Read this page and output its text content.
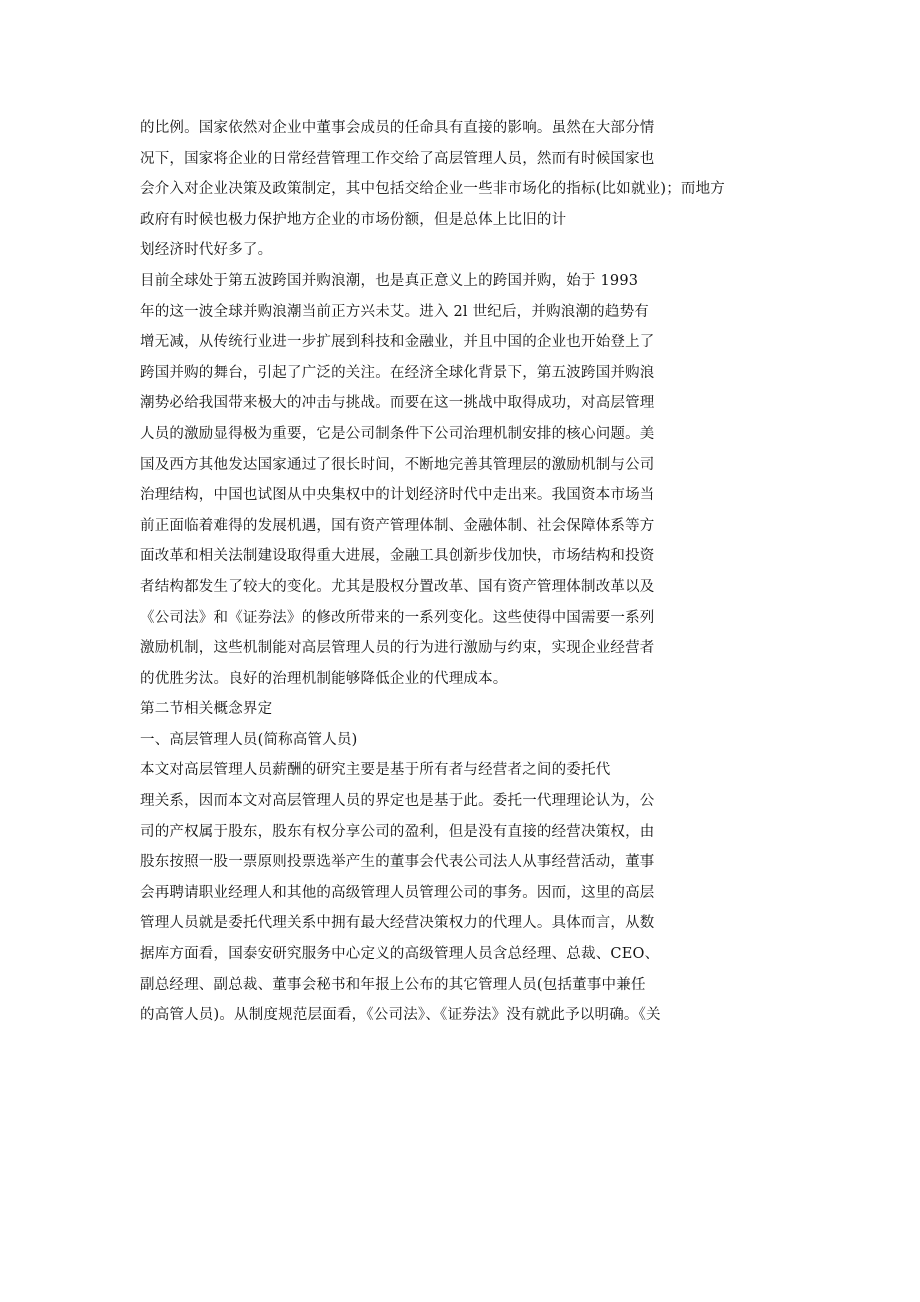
的比例。国家依然对企业中董事会成员的任命具有直接的影响。虽然在大部分情
况下，国家将企业的日常经营管理工作交给了高层管理人员，然而有时候国家也
会介入对企业决策及政策制定，其中包括交给企业一些非市场化的指标(比如就业)；而地方
政府有时候也极力保护地方企业的市场份额，但是总体上比旧的计
划经济时代好多了。
目前全球处于第五波跨国并购浪潮，也是真正意义上的跨国并购，始于 1993
年的这一波全球并购浪潮当前正方兴未艾。进入 2l 世纪后，并购浪潮的趋势有
增无减，从传统行业进一步扩展到科技和金融业，并且中国的企业也开始登上了
跨国并购的舞台，引起了广泛的关注。在经济全球化背景下，第五波跨国并购浪
潮势必给我国带来极大的冲击与挑战。而要在这一挑战中取得成功，对高层管理
人员的激励显得极为重要，它是公司制条件下公司治理机制安排的核心问题。美
国及西方其他发达国家通过了很长时间，不断地完善其管理层的激励机制与公司
治理结构，中国也试图从中央集权中的计划经济时代中走出来。我国资本市场当
前正面临着难得的发展机遇，国有资产管理体制、金融体制、社会保障体系等方
面改革和相关法制建设取得重大进展，金融工具创新步伐加快，市场结构和投资
者结构都发生了较大的变化。尤其是股权分置改革、国有资产管理体制改革以及
《公司法》和《证券法》的修改所带来的一系列变化。这些使得中国需要一系列
激励机制，这些机制能对高层管理人员的行为进行激励与约束，实现企业经营者
的优胜劣汰。良好的治理机制能够降低企业的代理成本。
第二节相关概念界定
一、高层管理人员(简称高管人员)
本文对高层管理人员薪酬的研究主要是基于所有者与经营者之间的委托代
理关系，因而本文对高层管理人员的界定也是基于此。委托一代理理论认为，公
司的产权属于股东，股东有权分享公司的盈利，但是没有直接的经营决策权，由
股东按照一股一票原则投票选举产生的董事会代表公司法人从事经营活动，董事
会再聘请职业经理人和其他的高级管理人员管理公司的事务。因而，这里的高层
管理人员就是委托代理关系中拥有最大经营决策权力的代理人。具体而言，从数
据库方面看，国泰安研究服务中心定义的高级管理人员含总经理、总裁、CEO、
副总经理、副总裁、董事会秘书和年报上公布的其它管理人员(包括董事中兼任
的高管人员)。从制度规范层面看，《公司法》、《证券法》没有就此予以明确。《关
